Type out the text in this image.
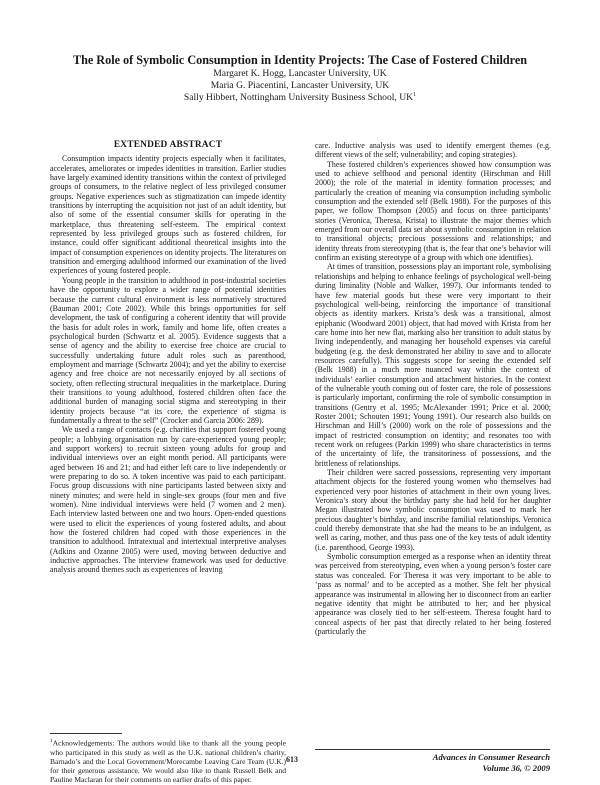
The Role of Symbolic Consumption in Identity Projects: The Case of Fostered Children
Margaret K. Hogg, Lancaster University, UK
Maria G. Piacentini, Lancaster University, UK
Sally Hibbert, Nottingham University Business School, $UK^1$
EXTENDED ABSTRACT

Consumption impacts identity projects especially when it facilitates, accelerates, ameliorates or impedes identities in transition. Earlier studies have largely examined identity transitions within the context of privileged groups of consumers, to the relative neglect of less privileged consumer groups. Negative experiences such as stigmatization can impede identity transitions by interrupting the acquisition not just of an adult identity, but also of some of the essential consumer skills for operating in the marketplace, thus threatening self-esteem. The empirical context represented by less privileged groups such as fostered children, for instance, could offer significant additional theoretical insights into the impact of consumption experiences on identity projects. The literatures on transition and emerging adulthood informed our examination of the lived experiences of young fostered people.

Young people in the transition to adulthood in post-industrial societies have the opportunity to explore a wider range of potential identities because the current cultural environment is less normatively structured (Bauman 2001; Cote 2002). While this brings opportunities for self development, the task of configuring a coherent identity that will provide the basis for adult roles in work, family and home life, often creates a psychological burden (Schwartz et al. 2005). Evidence suggests that a sense of agency and the ability to exercise free choice are crucial to successfully undertaking future adult roles such as parenthood, employment and marriage (Schwartz 2004); and yet the ability to exercise agency and free choice are not necessarily enjoyed by all sections of society, often reflecting structural inequalities in the marketplace. During their transitions to young adulthood, fostered children often face the additional burden of managing social stigma and stereotyping in their identity projects because “at its core, the experience of stigma is fundamentally a threat to the self” (Crocker and Garcia 2006: 289).

We used a range of contacts (e.g. charities that support fostered young people; a lobbying organisation run by care-experienced young people; and support workers) to recruit sixteen young adults for group and individual interviews over an eight month period. All participants were aged between 16 and 21; and had either left care to live independently or were preparing to do so. A token incentive was paid to each participant. Focus group discussions with nine participants lasted between sixty and ninety minutes; and were held in single-sex groups (four men and five women). Nine individual interviews were held (7 women and 2 men). Each interview lasted between one and two hours. Open-ended questions were used to elicit the experiences of young fostered adults, and about how the fostered children had coped with those experiences in the transition to adulthood. Intratextual and intertextual interpretive analyses (Adkins and Ozanne 2005) were used, moving between deductive and inductive approaches. The interview framework was used for deductive analysis around themes such as experiences of leaving

$^1$Acknowledgements: The authors would like to thank all the young people who participated in this study as well as the U.K. national children’s charity, Barnado’s and the Local Government/Morecambe Leaving Care Team (U.K.) for their generous assistance. We would also like to thank Russell Belk and Pauline Maclaran for their comments on earlier drafts of this paper.

care. Inductive analysis was used to identify emergent themes (e.g. different views of the self; vulnerability; and coping strategies).

These fostered children’s experiences showed how consumption was used to achieve selfhood and personal identity (Hirschman and Hill 2000); the role of the material in identity formation processes; and particularly the creation of meaning via consumption including symbolic consumption and the extended self (Belk 1988). For the purposes of this paper, we follow Thompson (2005) and focus on three participants’ stories (Veronica, Theresa, Krista) to illustrate the major themes which emerged from our overall data set about symbolic consumption in relation to transitional objects; precious possessions and relationships; and identity threats from stereotyping (that is, the fear that one’s behavior will confirm an existing stereotype of a group with which one identifies).

At times of transition, possessions play an important role, symbolising relationships and helping to enhance feelings of psychological well-being during liminality (Noble and Walker, 1997). Our informants tended to have few material goods but these were very important to their psychological well-being, reinforcing the importance of transitional objects as identity markers. Krista’s desk was a transitional, almost epiphanic (Woodward 2001) object, that had moved with Krista from her care home into her new flat, marking also her transition to adult status by living independently, and managing her household expenses via careful budgeting (e.g. the desk demonstrated her ability to save and to allocate resources carefully). This suggests scope for seeing the extended self (Belk 1988) in a much more nuanced way within the context of individuals’ earlier consumption and attachment histories. In the context of the vulnerable youth coming out of foster care, the role of possessions is particularly important, confirming the role of symbolic consumption in transitions (Gentry et al. 1995; McAlexander 1991; Price et al. 2000; Roster 2001; Schouten 1991; Young 1991). Our research also builds on Hirschman and Hill’s (2000) work on the role of possessions and the impact of restricted consumption on identity; and resonates too with recent work on refugees (Parkin 1999) who share characteristics in terms of the uncertainty of life, the transitoriness of possessions, and the brittleness of relationships.

Their children were sacred possessions, representing very important attachment objects for the fostered young women who themselves had experienced very poor histories of attachment in their own young lives. Veronica’s story about the birthday party she had held for her daughter Megan illustrated how symbolic consumption was used to mark her precious daughter’s birthday, and inscribe familial relationships. Veronica could thereby demonstrate that she had the means to be an indulgent, as well as caring, mother, and thus pass one of the key tests of adult identity (i.e. parenthood, George 1993).

Symbolic consumption emerged as a response when an identity threat was perceived from stereotyping, even when a young person’s foster care status was concealed. For Theresa it was very important to be able to ‘pass as normal’ and to be accepted as a mother. She felt her physical appearance was instrumental in allowing her to disconnect from an earlier negative identity that might be attributed to her; and her physical appearance was closely tied to her self-esteem. Theresa fought hard to conceal aspects of her past that directly related to her being fostered (particularly the

613	Advances in Consumer Research
Volume 36, © 2009
